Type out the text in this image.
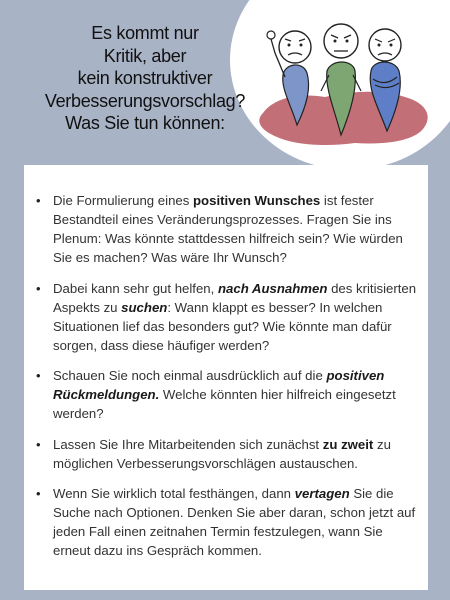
Es kommt nur
Kritik, aber
kein konstruktiver
Verbesserungsvorschlag?
Was Sie tun können:
• Die Formulierung eines positiven Wunsches ist fester Bestandteil eines Veränderungsprozesses. Fragen Sie ins Plenum: Was könnte stattdessen hilfreich sein? Wie würden Sie es machen? Was wäre Ihr Wunsch?
• Dabei kann sehr gut helfen, nach Ausnahmen des kritisierten Aspekts zu suchen: Wann klappt es besser? In welchen Situationen lief das besonders gut? Wie könnte man dafür sorgen, dass diese häufiger werden?
• Schauen Sie noch einmal ausdrücklich auf die positiven Rückmeldungen. Welche könnten hier hilfreich eingesetzt werden?
• Lassen Sie Ihre Mitarbeitenden sich zunächst zu zweit zu möglichen Verbesserungsvorschlägen austauschen.
• Wenn Sie wirklich total festhängen, dann vertagen Sie die Suche nach Optionen. Denken Sie aber daran, schon jetzt auf jeden Fall einen zeitnahen Termin festzulegen, wann Sie erneut dazu ins Gespräch kommen.
